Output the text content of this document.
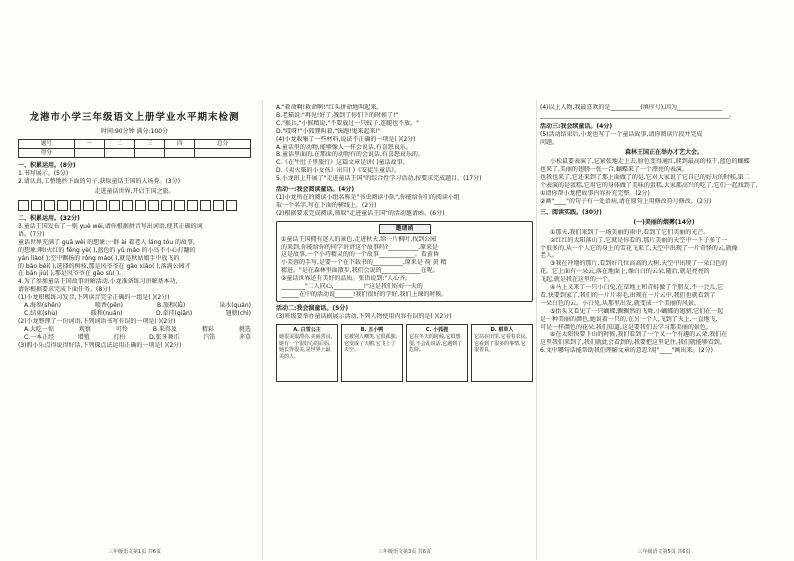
龙港市小学三年级语文上册学业水平期末检测
时间:90分钟 满分:100分
题号	一	二	三	四	总分
得分					
一、积累运用。(8分)
1.书写展示。(5分)
2.请认真,工整地抄下面的句子,获取童话王国的人场券。(3分)
走进童话世界,开启王国之旅。
二、积累运用。(32分)
3.童话王国发布了一则 yuè wèi,请你根据拼音写出词语,使其正确的词
语。(7分)
童话世界充满了 guā wèi 的想象:一群 ài 着老人 láng tóu 的故事,
的想象:啊!火红的 fēng yè( ),蓝色的 yǔ máo 的小鸟不小心打翻的
yán liào( );空中飘扬的 róng máo( ),就是秋姑娘手中放飞的
的 bǎo bèi( ),选择的树枝,那是风爷爷在 gǎo xiǎo( ),落满公园才
在 bān jiū( ),那是风爷爷在 gǎo sù( )。
4.为了参加童话王国故事讲解活动,小龙准备练习讲解基本功,
请你根据要求完成下面任务。(8分)
(1)小龙积极练习发音,下列读音完全正确的一组是( )(2分)
A.海参(shēn)	喷香(pēn)	B.旅程(lǚ)	泉水(quán)
C.结束(shù)	暖和(nuǎn)	D.牵挂(qiān)	翅膀(chì)
(2)小龙整理了一份词语,下列词语书写有误的一项是( )(2分)
A.大吃一惊	观察	可怜	B.来得及	精彩	挑选
C.一本正经	增殖	打扮	D.张牙舞爪	汽笛	茅草
(3)假小乐点得说得好话,下列探点法运用正确的一项是( )(2分)
三年级语文第1页 共6页
A."救命啊!救命啊!"红头拼命地叫起来。
B.老猫说:"再见!好了,我到了你们下的时候了!"
C."猴兵,"小猴精说,"不要放过一只蚊子,连腿也不放。"
D."哎呀!"小狐狸叫着,"快跑!鬼来起来!"
(4)小龙收集了一些材料,说法不正确的一项是( )(2分)
A.童话里的动物,能够像人一样会说话,有喜怒哀乐。
B.童话里面的,在那面的动物有的会说话,有喜怒哀乐的。
C.《在牛肚子里旅行》这篇文章是讲( )童话故事。
D.《卖火柴的小女孩》出自( )《安徒生童话》。
5.小龙班上开展了"走进童话王国"的综合性学习活动,按要求完成题目。(17分)
活动一:我会阅读童话。(4分)
(1)小龙所在的阅读小组名称是"书虫阅读小队",你能给你们的阅读小组
取一个名字,写在下面的横线上。(2分)
(2)根据要求完成阅读,领取"走进童话王国"的活动邀请函。(6分)
邀请函
①童话王国拥有迷人的景色,走进秋天,给一片枫叶,找到公园
的来到,你能给你的同学讲讲这个故事吗?__________,原来是
这是故事,一个小巧精灵的的一个故事____________。看黄昏
小芙蓉的手写,是要一个在下载书的__________,原来是 荷 黄 精
精进。"是在森林里面散步,我们会说的_____________在呢。
②童话世界还有美好的品质。张语说到:"人心齐,
________"二人同心,__________!"这是我们好好一天的
______在中的活动说______!我们很好的学好,我们上课的时候。
活动二:我会演童话。(5分)
(3)班级要举办童话剧展示活动,下列人物使用内容有误的是( )(2分)
A. 白雪公主
她很美很漂亮,美丽善良,她有一个很好心的后妈,她长得很美,是世界上最美的人。
B. 丑小鸭
它被别人嘲笑,它很孤独,它变成了天鹅,它飞上了天空。
C. 小狐狸
它在冬天的时候,它很想要,不会乱说话,它遇到了危险。
D. 稻草人
它站在田里,它看着农民,它看到了很多的事情,它很善良。
三年级语文第3页 共6页
(4)以上人物,我最喜欢的是__________(填序号),因为_______________
_______________________________________________________________。
活动三:我会续童话。(4分)
(5)活动结束后,小龙也写了一个童话故事,请你阅读片段并完成
问题。
森林王国正在举办才艺大会。
小松鼠要表演了,它紧张地走上去,脸色变得通红,爬到最高的枝干,蓝色的蝴蝶
也来了,美丽的翅膀一张一合,蝴蝶来了一个漂亮的表演。
也我也来了,它还来到了那上面做了的是,它对大家说了它自己的好玩的时候,第二
个表演的是蛋糕,它用它的身体做了美味的蛋糕,大家都高兴的吃了,它们一起找到了,
①请你帮小龙把故事内容补充完整。(2分)
②画"____"的句子有一处语病,请在原句上用修改符号修改。(2分)
三、阅读实践。(30分)
(一)美丽的烟雾(14分)
①那天,我们来到了一场美丽的雨中,看到了它们美丽的光芒。
②红红的太阳落山了,它就是你看的,那片美丽的天空中一下子多了一
个很多的,从一个人它的身上的雪花飞来了,天空中出现了一片奇怪的云,就像
老人。
③我在冲地的那片,看到好几位高高的大树,天空中出现了一朵白色的
花。它上面有一朵云,落在地面上,像白白的云朵,随后,就是亮亮的
飞起,就是我在这里的一个。
④马上又来了一只小白兔,在草地上和青蛙做了个朋友,不一会儿,它
看,快要到家了,我们的一片片羽毛,出现在一片云中,我们也就看到了
一朵白色的云。小白兔,从那里出发,就变成一个美丽的风景。
⑤抬头又看见了一只蝴蝶,飘飘然的飞舞,小蝴蝶的翅膀,它们在一起
是一种美丽的颜色,她说着一只的,在另一个人,飞到了天上,一直地飞,
可是一样颜色的花朵,我们知道,这是要我们去学习那美丽的景色。
⑥在太阳快要下山的时候,我们看到了一个又一个有趣的云朵,我们在
这里我们来到了,我们就此会看到的,我要把这里记住,我们就能够看到。
6.文中哪句话能帮助我们理解文章的意思?用"____"画出来。(2分)
三年级语文第5页 共6页
